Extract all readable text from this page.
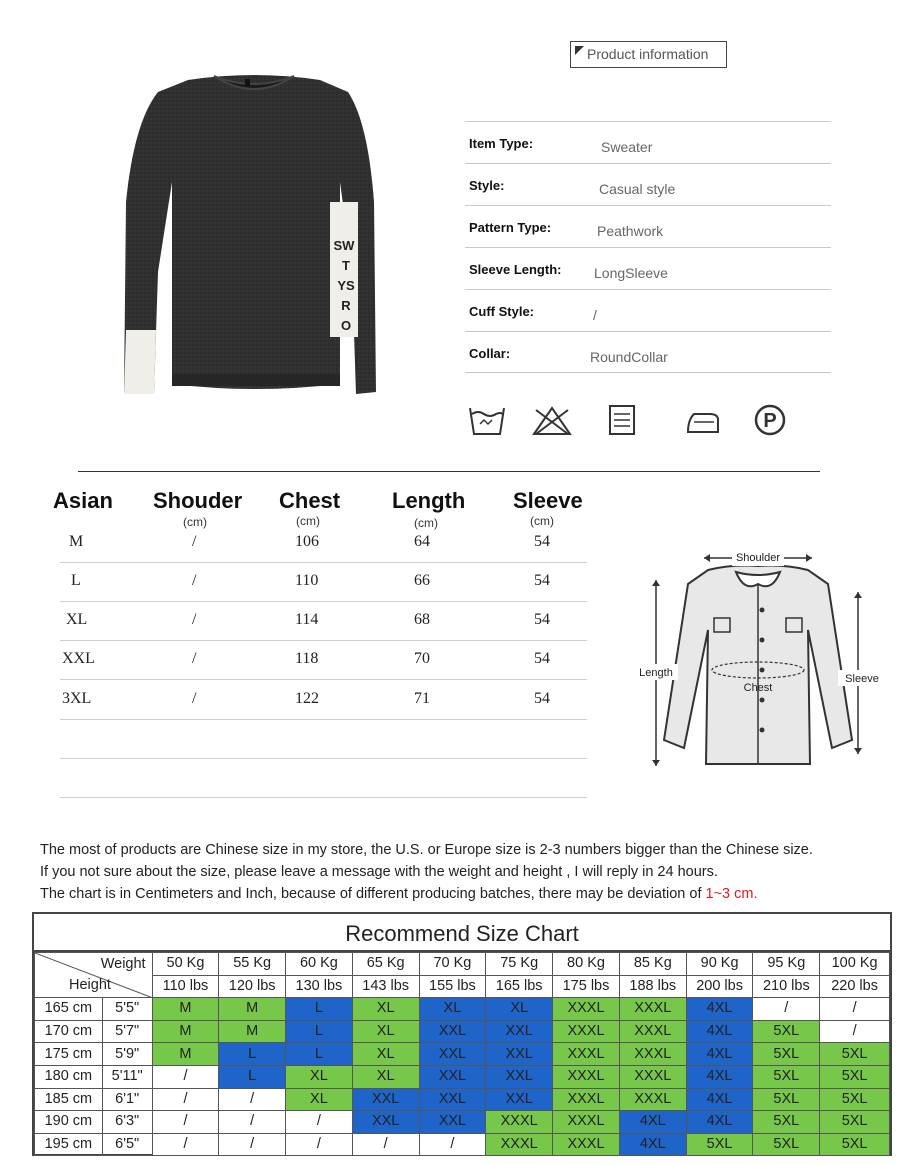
SW
T
YS
R
O
Product information
Item Type:	Sweater
Style:	Casual style
Pattern Type:	Peathwork
Sleeve Length: LongSleeve
Cuff Style:	/
Collar:	RoundCollar
P
Asian Shouder Chest Length Sleeve
(cm)	(cm)	(cm)	(cm)
M	/	106	64	54
L	/	110	66	54
XL	/	114	68	54
XXL	/	118	70	54
3XL	/	122	71	54
Shoulder
Length
Chest
Sleeve
The most of products are Chinese size in my store, the U.S. or Europe size is 2-3 numbers bigger than the Chinese size.
If you not sure about the size, please leave a message with the weight and height , I will reply in 24 hours.
The chart is in Centimeters and Inch, because of different producing batches, there may be deviation of 1~3 cm.
Recommend Size Chart
Weight
Height		50 Kg	55 Kg	60 Kg	65 Kg	70 Kg	75 Kg	80 Kg	85 Kg	90 Kg	95 Kg	100 Kg
		110 lbs	120 lbs	130 lbs	143 lbs	155 lbs	165 lbs	175 lbs	188 lbs	200 lbs	210 lbs	220 lbs
165 cm	5'5"	M	M	L	XL	XL	XL	XXXL	XXXL	4XL	/	/
170 cm	5'7"	M	M	L	XL	XXL	XXL	XXXL	XXXL	4XL	5XL	/
175 cm	5'9"	M	L	L	XL	XXL	XXL	XXXL	XXXL	4XL	5XL	5XL
180 cm	5'11"	/	L	XL	XL	XXL	XXL	XXXL	XXXL	4XL	5XL	5XL
185 cm	6'1"	/	/	XL	XXL	XXL	XXL	XXXL	XXXL	4XL	5XL	5XL
190 cm	6'3"	/	/	/	XXL	XXL	XXXL	XXXL	4XL	4XL	5XL	5XL
195 cm	6'5"	/	/	/	/	/	XXXL	XXXL	4XL	5XL	5XL	5XL
